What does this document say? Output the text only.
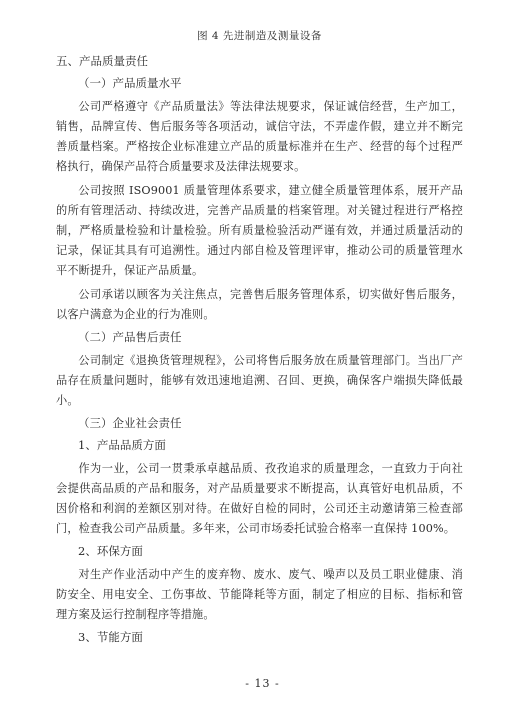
图 4 先进制造及测量设备
五、产品质量责任
（一）产品质量水平

公司严格遵守《产品质量法》等法律法规要求，保证诚信经营，生产加工，销售，品牌宣传、售后服务等各项活动，诚信守法，不弄虚作假，建立并不断完善质量档案。严格按企业标准建立产品的质量标准并在生产、经营的每个过程严格执行，确保产品符合质量要求及法律法规要求。

公司按照 ISO9001 质量管理体系要求，建立健全质量管理体系，展开产品的所有管理活动、持续改进，完善产品质量的档案管理。对关键过程进行严格控制，严格质量检验和计量检验。所有质量检验活动严谨有效，并通过质量活动的记录，保证其具有可追溯性。通过内部自检及管理评审，推动公司的质量管理水平不断提升，保证产品质量。

公司承诺以顾客为关注焦点，完善售后服务管理体系，切实做好售后服务，以客户满意为企业的行为准则。

（二）产品售后责任

公司制定《退换货管理规程》，公司将售后服务放在质量管理部门。当出厂产品存在质量问题时，能够有效迅速地追溯、召回、更换，确保客户端损失降低最小。

（三）企业社会责任
1、产品品质方面

作为一业，公司一贯秉承卓越品质、孜孜追求的质量理念，一直致力于向社会提供高品质的产品和服务，对产品质量要求不断提高，认真管好电机品质，不因价格和利润的差额区别对待。在做好自检的同时，公司还主动邀请第三检查部门，检查我公司产品质量。多年来，公司市场委托试验合格率一直保持 100%。

2、环保方面

对生产作业活动中产生的废弃物、废水、废气、噪声以及员工职业健康、消防安全、用电安全、工伤事故、节能降耗等方面，制定了相应的目标、指标和管理方案及运行控制程序等措施。

3、节能方面
- 13 -
